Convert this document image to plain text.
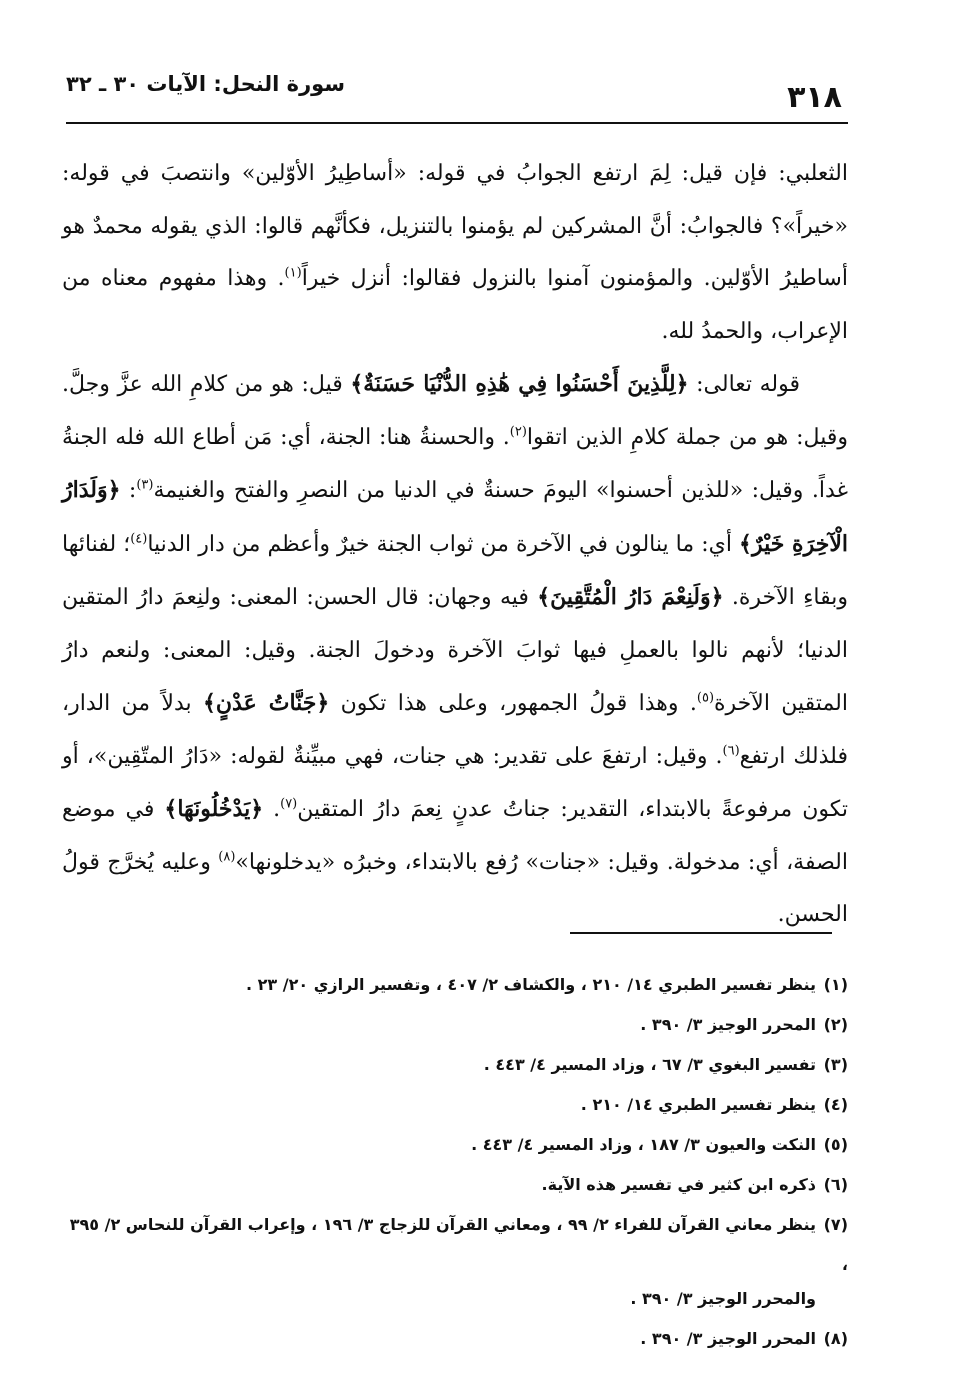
٣١٨
سورة النحل: الآيات ٣٠ ـ ٣٢

الثعلبي: فإن قيل: لِمَ ارتفع الجوابُ في قوله: «أساطِيرُ الأوّلين» وانتصبَ في قوله: «خيراً»؟ فالجوابُ: أنَّ المشركين لم يؤمنوا بالتنزيل، فكأنَّهم قالوا: الذي يقوله محمدٌ هو أساطيرُ الأوّلين. والمؤمنون آمنوا بالنزول فقالوا: أنزل خيراً$^{(١)}$. وهذا مفهوم معناه من الإعراب، والحمدُ لله.

قوله تعالى: ﴿لِلَّذِينَ أَحْسَنُوا فِي هَٰذِهِ الدُّنْيَا حَسَنَةٌ﴾ قيل: هو من كلامِ الله عزَّ وجلَّ. وقيل: هو من جملة كلامِ الذين اتقوا$^{(٢)}$. والحسنةُ هنا: الجنة، أي: مَن أطاع الله فله الجنةُ غداً. وقيل: «للذين أحسنوا» اليومَ حسنةٌ في الدنيا من النصرِ والفتح والغنيمة$^{(٣)}$: ﴿وَلَدَارُ الْآخِرَةِ خَيْرٌ﴾ أي: ما ينالون في الآخرة من ثواب الجنة خيرٌ وأعظم من دار الدنيا$^{(٤)}$؛ لفنائها وبقاءِ الآخرة. ﴿وَلَنِعْمَ دَارُ الْمُتَّقِينَ﴾ فيه وجهان: قال الحسن: المعنى: ولنِعمَ دارُ المتقين الدنيا؛ لأنهم نالوا بالعملِ فيها ثوابَ الآخرة ودخولَ الجنة. وقيل: المعنى: ولنعم دارُ المتقين الآخرة$^{(٥)}$. وهذا قولُ الجمهور، وعلى هذا تكون ﴿جَنَّاتُ عَدْنٍ﴾ بدلاً من الدار، فلذلك ارتفع$^{(٦)}$. وقيل: ارتفعَ على تقدير: هي جنات، فهي مبيِّنةٌ لقوله: «دَارُ المتّقِين»، أو تكون مرفوعةً بالابتداء، التقدير: جناتُ عدنٍ نِعمَ دارُ المتقين$^{(٧)}$. ﴿يَدْخُلُونَهَا﴾ في موضع الصفة، أي: مدخولة. وقيل: «جنات» رُفع بالابتداء، وخبرُه «يدخلونها»$^{(٨)}$ وعليه يُخرَّج قولُ الحسن.

(١)ينظر تفسير الطبري ١٤/ ٢١٠ ، والكشاف ٢/ ٤٠٧ ، وتفسير الرازي ٢٠/ ٢٣ .

(٢)المحرر الوجيز ٣/ ٣٩٠ .

(٣)تفسير البغوي ٣/ ٦٧ ، وزاد المسير ٤/ ٤٤٣ .

(٤)ينظر تفسير الطبري ١٤/ ٢١٠ .

(٥)النكت والعيون ٣/ ١٨٧ ، وزاد المسير ٤/ ٤٤٣ .

(٦)ذكره ابن كثير في تفسير هذه الآية.

(٧)ينظر معاني القرآن للفراء ٢/ ٩٩ ، ومعاني القرآن للزجاج ٣/ ١٩٦ ، وإعراب القرآن للنحاس ٢/ ٣٩٥ ،
والمحرر الوجيز ٣/ ٣٩٠ .

(٨)المحرر الوجيز ٣/ ٣٩٠ .
